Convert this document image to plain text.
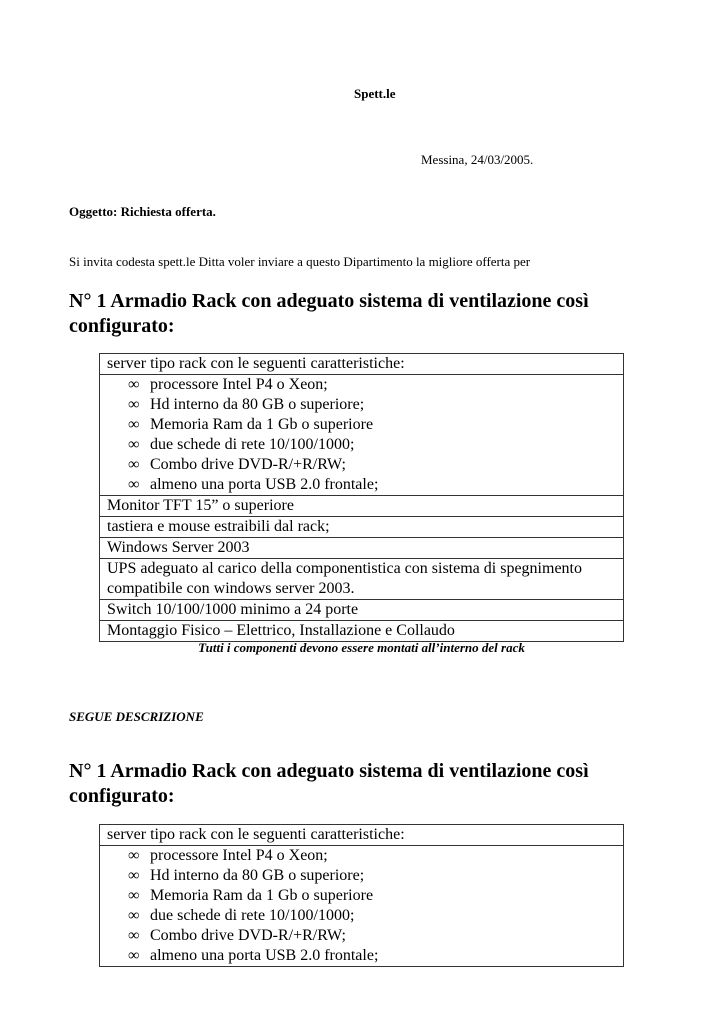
Spett.le
Messina, 24/03/2005.
Oggetto: Richiesta offerta.
Si invita codesta spett.le Ditta voler inviare a questo Dipartimento la migliore offerta per
N° 1 Armadio Rack con adeguato sistema di ventilazione così
configurato:
server tipo rack con le seguenti caratteristiche:

∞ processore Intel P4 o Xeon;
∞ Hd interno da 80 GB o superiore;
∞ Memoria Ram da 1 Gb o superiore
∞ due schede di rete 10/100/1000;
∞ Combo drive DVD-R/+R/RW;
∞ almeno una porta USB 2.0 frontale;

Monitor TFT 15” o superiore
tastiera e mouse estraibili dal rack;
Windows Server 2003
UPS adeguato al carico della componentistica con sistema di spegnimento compatibile con windows server 2003.
Switch 10/100/1000 minimo a 24 porte
Montaggio Fisico – Elettrico, Installazione e Collaudo
Tutti i componenti devono essere montati all’interno del rack
SEGUE DESCRIZIONE
N° 1 Armadio Rack con adeguato sistema di ventilazione così
configurato:
server tipo rack con le seguenti caratteristiche:

∞ processore Intel P4 o Xeon;
∞ Hd interno da 80 GB o superiore;
∞ Memoria Ram da 1 Gb o superiore
∞ due schede di rete 10/100/1000;
∞ Combo drive DVD-R/+R/RW;
∞ almeno una porta USB 2.0 frontale;
